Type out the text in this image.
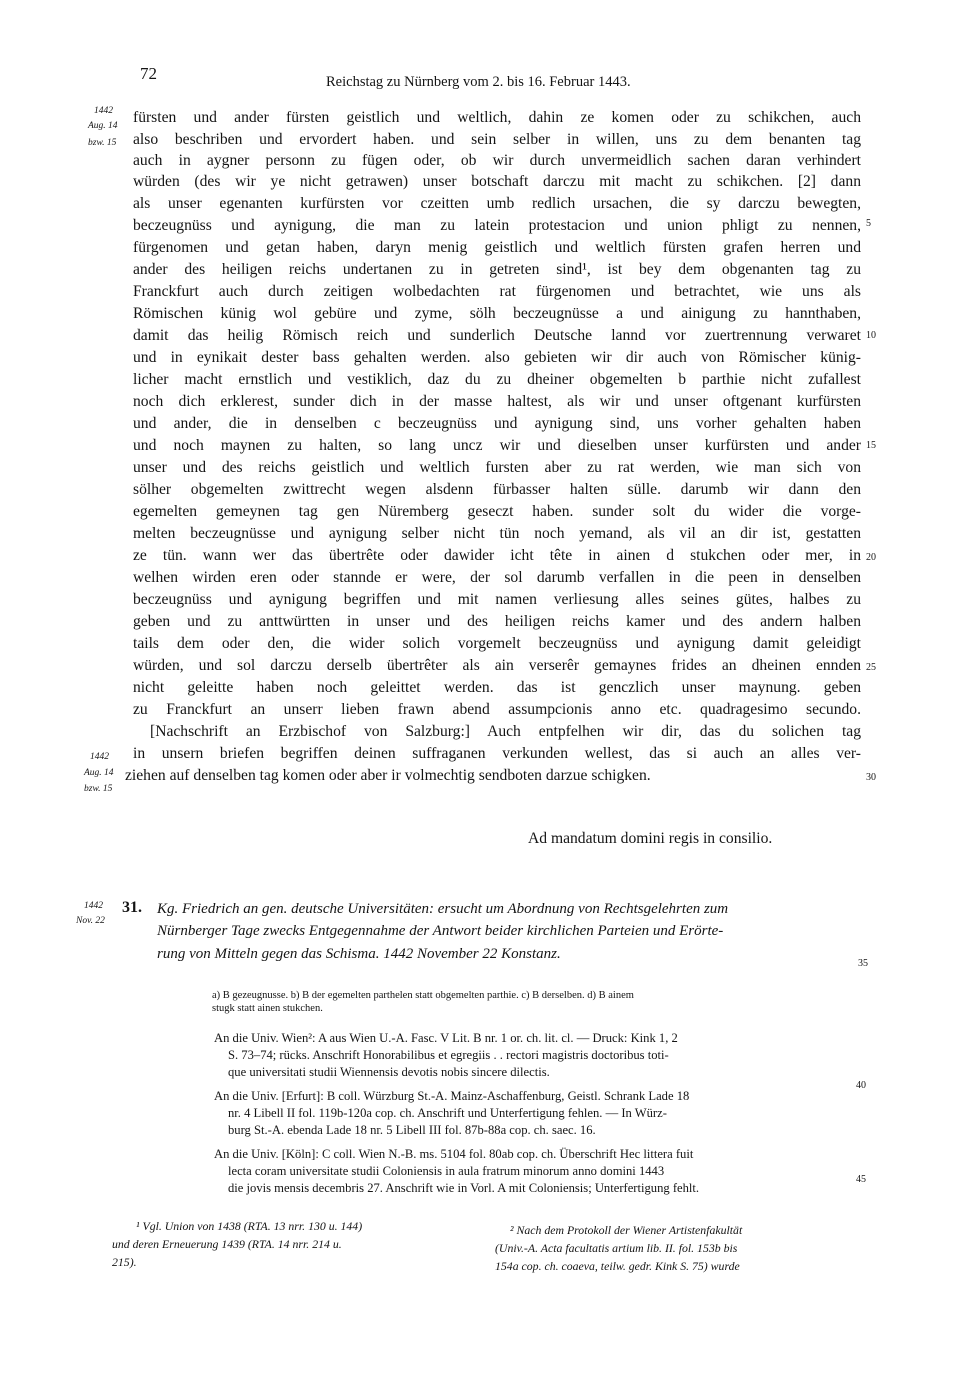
72	Reichstag zu Nürnberg vom 2. bis 16. Februar 1443.
1442
Aug. 14
bzw. 15
fürsten und ander fürsten geistlich und weltlich, dahin ze komen oder zu schikchen, auch
also beschriben und ervordert haben. und sein selber in willen, uns zu dem benanten tag
auch in aygner personn zu fügen oder, ob wir durch unvermeidlich sachen daran verhindert
würden (des wir ye nicht getrawen) unser botschaft darczu mit macht zu schikchen. [2] dann
als unser egenanten kurfürsten vor czeitten umb redlich ursachen, die sy darczu bewegten,
beczeugnüss und aynigung, die man zu latein protestacion und union phligt zu nennen,
fürgenomen und getan haben, daryn menig geistlich und weltlich fürsten grafen herren und
ander des heiligen reichs undertanen zu in getreten sind¹, ist bey dem obgenanten tag zu
Franckfurt auch durch zeitigen wolbedachten rat fürgenomen und betrachtet, wie uns als
Römischen künig wol gebüre und zyme, sölh beczeugnüsse a und ainigung zu hannthaben,
damit das heilig Römisch reich und sunderlich Deutsche lannd vor zuertrennung verwaret
und in eynikait dester bass gehalten werden. also gebieten wir dir auch von Römischer künig-
licher macht ernstlich und vestiklich, daz du zu dheiner obgemelten b parthie nicht zufallest
noch dich erklerest, sunder dich in der masse haltest, als wir und unser oftgenant kurfürsten
und ander, die in denselben c beczeugnüss und aynigung sind, uns vorher gehalten haben
und noch maynen zu halten, so lang uncz wir und dieselben unser kurfürsten und ander
unser und des reichs geistlich und weltlich fursten aber zu rat werden, wie man sich von
sölher obgemelten zwittrecht wegen alsdenn fürbasser halten sülle. darumb wir dann den
egemelten gemeynen tag gen Nüremberg geseczt haben. sunder solt du wider die vorge-
melten beczeugnüsse und aynigung selber nicht tün noch yemand, als vil an dir ist, gestatten
ze tün. wann wer das übertrête oder dawider icht tête in ainen d stukchen oder mer, in
welhen wirden eren oder stannde er were, der sol darumb verfallen in die peen in denselben
beczeugnüss und aynigung begriffen und mit namen verliesung alles seines gütes, halbes zu
geben und zu anttwürtten in unser und des heiligen reichs kamer und des andern halben
tails dem oder den, die wider solich vorgemelt beczeugnüss und aynigung damit geleidigt
würden, und sol darczu derselb übertrêter als ain verserêr gemaynes frides an dheinen ennden
nicht geleitte haben noch geleittet werden. das ist genczlich unser maynung. geben
zu Franckfurt an unserr lieben frawn abend assumpcionis anno etc. quadragesimo secundo.
[Nachschrift an Erzbischof von Salzburg:] Auch entpfelhen wir dir, das du solichen tag
in unsern briefen begriffen deinen suffraganen verkunden wellest, das si auch an alles ver-
ziehen auf denselben tag komen oder aber ir volmechtig sendboten darzue schigken.
5
10
15
20
25
30
35
40
45
1442
Aug. 14
bzw. 15
Ad mandatum domini regis in consilio.
1442
Nov. 22
31. Kg. Friedrich an gen. deutsche Universitäten: ersucht um Abordnung von Rechtsgelehrten zum
Nürnberger Tage zwecks Entgegennahme der Antwort beider kirchlichen Parteien und Erörte-
rung von Mitteln gegen das Schisma. 1442 November 22 Konstanz.
a) B gezeugnusse. b) B der egemelten parthelen statt obgemelten parthie. c) B derselben. d) B ainem
stugk statt ainen stukchen.
An die Univ. Wien²: A aus Wien U.-A. Fasc. V Lit. B nr. 1 or. ch. lit. cl. — Druck: Kink 1, 2
S. 73–74; rücks. Anschrift Honorabilibus et egregiis . . rectori magistris doctoribus toti-
que universitati studii Wiennensis devotis nobis sincere dilectis.
An die Univ. [Erfurt]: B coll. Würzburg St.-A. Mainz-Aschaffenburg, Geistl. Schrank Lade 18
nr. 4 Libell II fol. 119b-120a cop. ch. Anschrift und Unterfertigung fehlen. — In Würz-
burg St.-A. ebenda Lade 18 nr. 5 Libell III fol. 87b-88a cop. ch. saec. 16.
An die Univ. [Köln]: C coll. Wien N.-B. ms. 5104 fol. 80ab cop. ch. Überschrift Hec littera fuit
lecta coram universitate studii Coloniensis in aula fratrum minorum anno domini 1443
die jovis mensis decembris 27. Anschrift wie in Vorl. A mit Coloniensis; Unterfertigung fehlt.
¹ Vgl. Union von 1438 (RTA. 13 nrr. 130 u. 144)
und deren Erneuerung 1439 (RTA. 14 nrr. 214 u.
215).
² Nach dem Protokoll der Wiener Artistenfakultät
(Univ.-A. Acta facultatis artium lib. II. fol. 153b bis
154a cop. ch. coaeva, teilw. gedr. Kink S. 75) wurde
